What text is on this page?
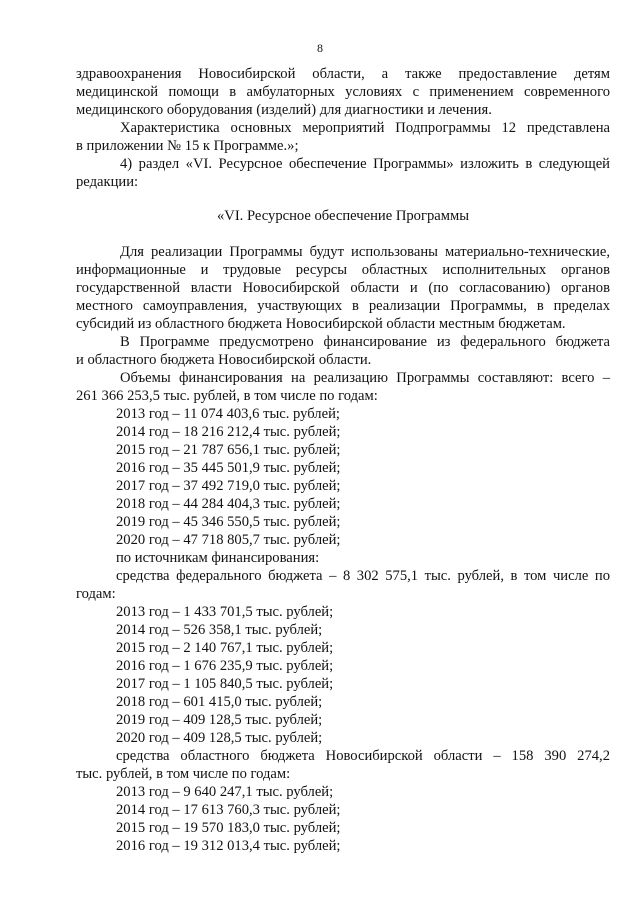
8
здравоохранения Новосибирской области, а также предоставление детям
медицинской помощи в амбулаторных условиях с применением современного
медицинского оборудования (изделий) для диагностики и лечения.
Характеристика основных мероприятий Подпрограммы 12 представлена
в приложении № 15 к Программе.»;
4) раздел «VI. Ресурсное обеспечение Программы» изложить в следующей
редакции:
«VI. Ресурсное обеспечение Программы
Для реализации Программы будут использованы материально-технические,
информационные и трудовые ресурсы областных исполнительных органов
государственной власти Новосибирской области и (по согласованию) органов
местного самоуправления, участвующих в реализации Программы, в пределах
субсидий из областного бюджета Новосибирской области местным бюджетам.
В Программе предусмотрено финансирование из федерального бюджета
и областного бюджета Новосибирской области.
Объемы финансирования на реализацию Программы составляют: всего –
261 366 253,5 тыс. рублей, в том числе по годам:
2013 год – 11 074 403,6 тыс. рублей;
2014 год – 18 216 212,4 тыс. рублей;
2015 год – 21 787 656,1 тыс. рублей;
2016 год – 35 445 501,9 тыс. рублей;
2017 год – 37 492 719,0 тыс. рублей;
2018 год – 44 284 404,3 тыс. рублей;
2019 год – 45 346 550,5 тыс. рублей;
2020 год – 47 718 805,7 тыс. рублей;
по источникам финансирования:
средства федерального бюджета – 8 302 575,1 тыс. рублей, в том числе по
годам:
2013 год – 1 433 701,5 тыс. рублей;
2014 год – 526 358,1 тыс. рублей;
2015 год – 2 140 767,1 тыс. рублей;
2016 год – 1 676 235,9 тыс. рублей;
2017 год – 1 105 840,5 тыс. рублей;
2018 год – 601 415,0 тыс. рублей;
2019 год – 409 128,5 тыс. рублей;
2020 год – 409 128,5 тыс. рублей;
средства областного бюджета Новосибирской области – 158 390 274,2
тыс. рублей, в том числе по годам:
2013 год – 9 640 247,1 тыс. рублей;
2014 год – 17 613 760,3 тыс. рублей;
2015 год – 19 570 183,0 тыс. рублей;
2016 год – 19 312 013,4 тыс. рублей;
